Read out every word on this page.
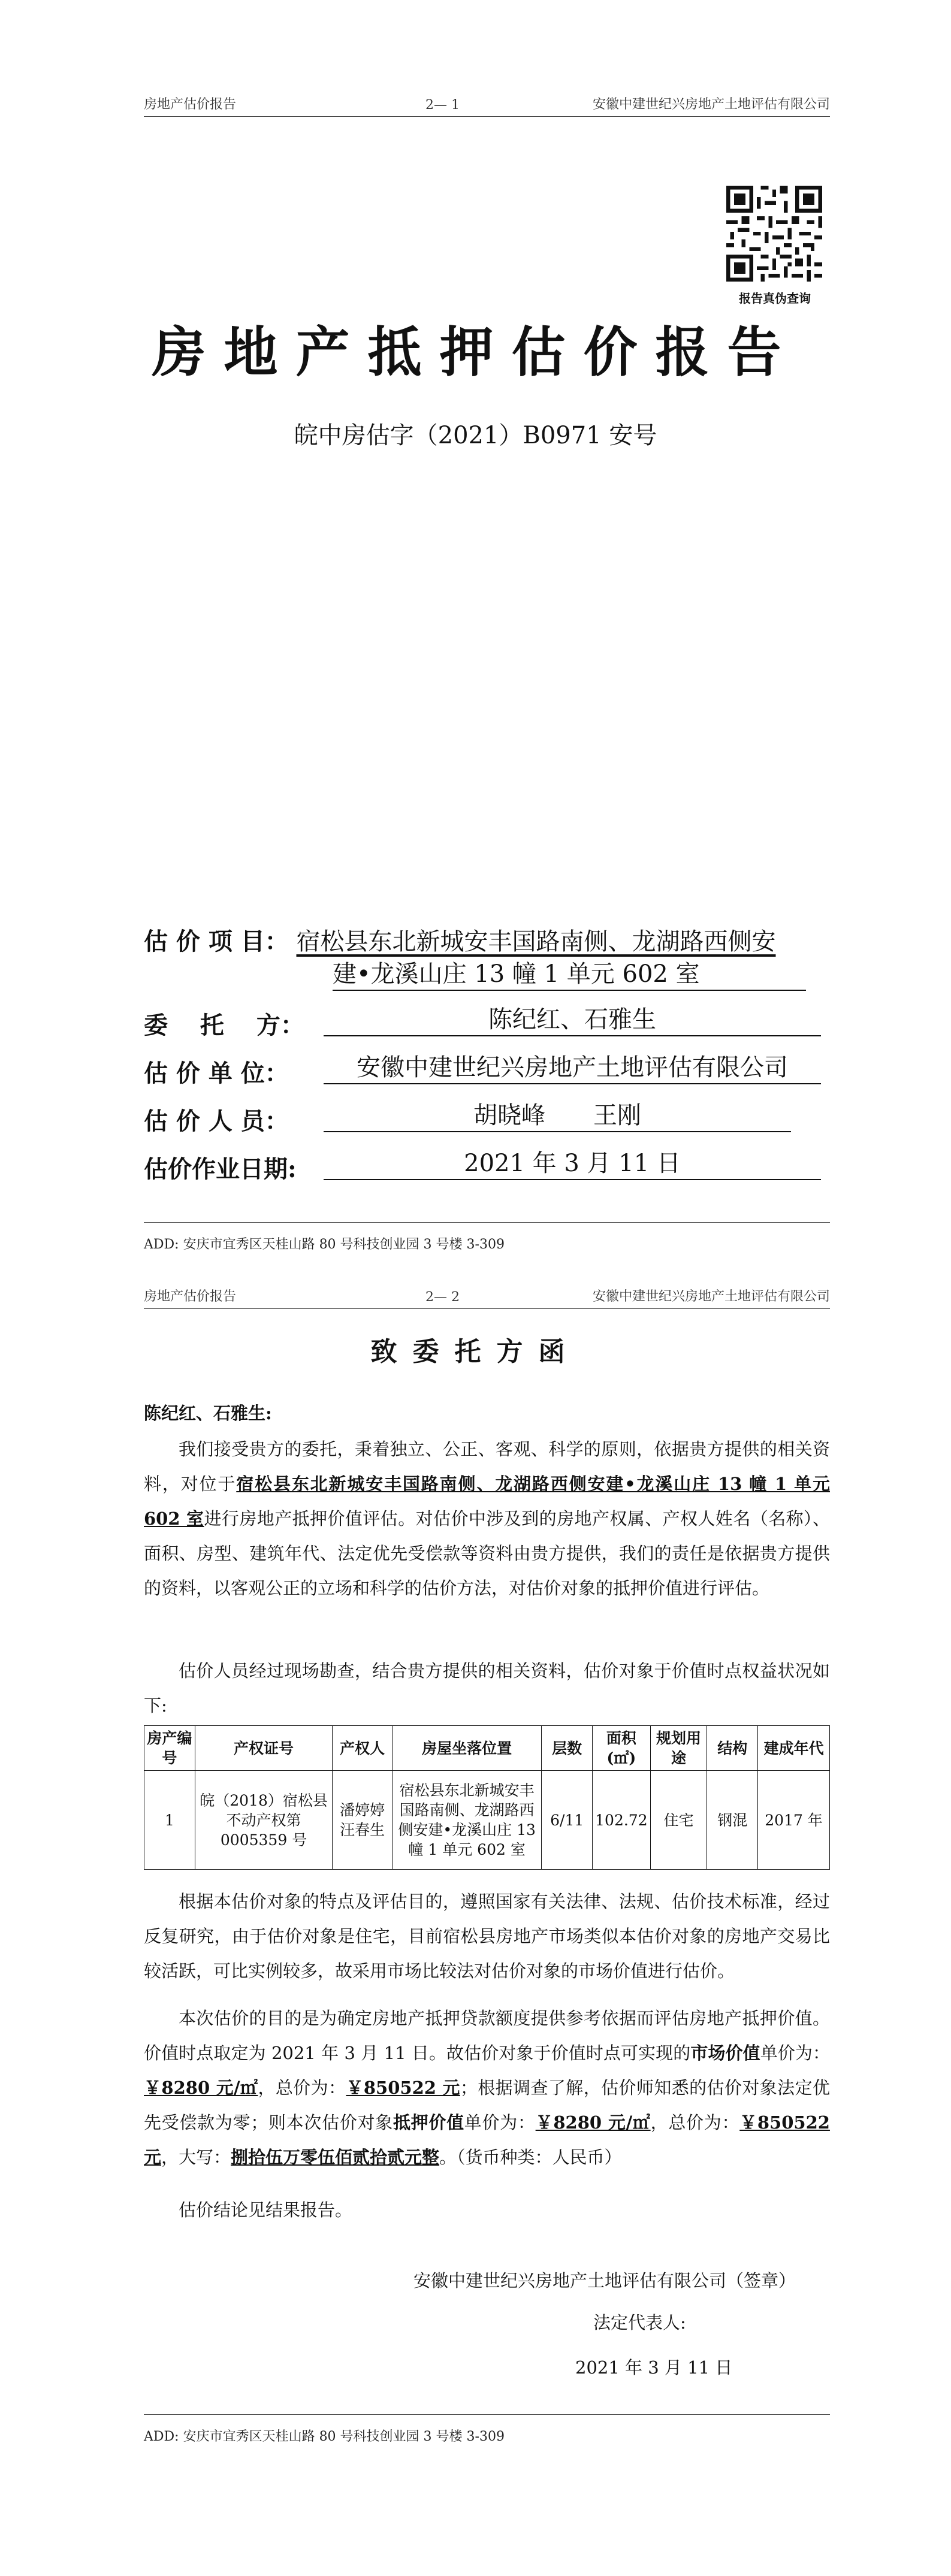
房地产估价报告	2— 1	安徽中建世纪兴房地产土地评估有限公司
报告真伪查询
房地产抵押估价报告
皖中房估字（2021）B0971 安号
估 价 项 目： 宿松县东北新城安丰国路南侧、龙湖路西侧安
建•龙溪山庄 13 幢 1 单元 602 室
委　 托　 方：	陈纪红、石雅生
估 价 单 位：	安徽中建世纪兴房地产土地评估有限公司
估 价 人 员：	胡晓峰　　王刚
估价作业日期:	2021 年 3 月 11 日
ADD: 安庆市宜秀区天桂山路 80 号科技创业园 3 号楼 3-309
房地产估价报告	2— 2	安徽中建世纪兴房地产土地评估有限公司
致委托方函
陈纪红、石雅生:
我们接受贵方的委托，秉着独立、公正、客观、科学的原则，依据贵方提供的相关资料，对位于宿松县东北新城安丰国路南侧、龙湖路西侧安建•龙溪山庄 13 幢 1 单元 602 室进行房地产抵押价值评估。对估价中涉及到的房地产权属、产权人姓名（名称）、面积、房型、建筑年代、法定优先受偿款等资料由贵方提供，我们的责任是依据贵方提供的资料，以客观公正的立场和科学的估价方法，对估价对象的抵押价值进行评估。
估价人员经过现场勘查，结合贵方提供的相关资料，估价对象于价值时点权益状况如下:
房产编号	产权证号	产权人	房屋坐落位置	层数	面积(㎡)	规划用途	结构	建成年代
1	皖（2018）宿松县不动产权第 0005359 号	潘婷婷汪春生	宿松县东北新城安丰国路南侧、龙湖路西侧安建•龙溪山庄 13 幢 1 单元 602 室	6/11	102.72	住宅	钢混	2017 年
根据本估价对象的特点及评估目的，遵照国家有关法律、法规、估价技术标准，经过反复研究，由于估价对象是住宅，目前宿松县房地产市场类似本估价对象的房地产交易比较活跃，可比实例较多，故采用市场比较法对估价对象的市场价值进行估价。
本次估价的目的是为确定房地产抵押贷款额度提供参考依据而评估房地产抵押价值。价值时点取定为 2021 年 3 月 11 日。故估价对象于价值时点可实现的市场价值单价为：￥8280 元/㎡，总价为：￥850522 元；根据调查了解，估价师知悉的估价对象法定优先受偿款为零；则本次估价对象抵押价值单价为：￥8280 元/㎡，总价为：￥850522 元，大写：捌拾伍万零伍佰贰拾贰元整。（货币种类：人民币）
估价结论见结果报告。
安徽中建世纪兴房地产土地评估有限公司（签章）
法定代表人:
2021 年 3 月 11 日
ADD: 安庆市宜秀区天桂山路 80 号科技创业园 3 号楼 3-309
